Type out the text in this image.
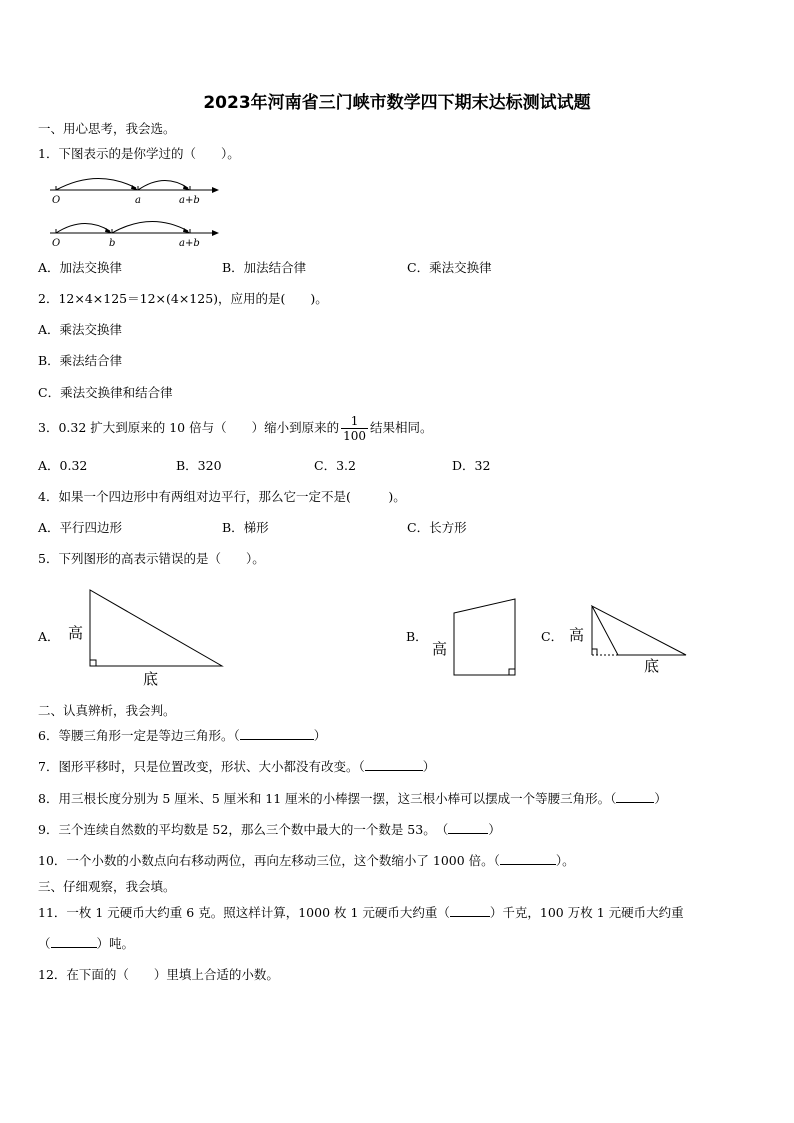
2023年河南省三门峡市数学四下期末达标测试试题
一、用心思考，我会选。
1．下图表示的是你学过的（　　）。
O	a	a+b
O	b	a+b
A．加法交换律	B．加法结合律	C．乘法交换律
2．12×4×125＝12×(4×125)，应用的是(　　)。
A．乘法交换律
B．乘法结合律
C．乘法交换律和结合律
3．0.32 扩大到原来的 10 倍与（　　）缩小到原来的 $\frac{1}{100}$ 结果相同。
A．0.32	B．320	C．3.2	D．32
4．如果一个四边形中有两组对边平行，那么它一定不是(　　　)。
A．平行四边形	B．梯形	C．长方形
5．下列图形的高表示错误的是（　　）。
A．	B．	C．
高
底
高
高
底
二、认真辨析，我会判。
6．等腰三角形一定是等边三角形。（	）
7．图形平移时，只是位置改变，形状、大小都没有改变。（	）
8．用三根长度分别为 5 厘米、5 厘米和 11 厘米的小棒摆一摆，这三根小棒可以摆成一个等腰三角形。（	）
9．三个连续自然数的平均数是 52，那么三个数中最大的一个数是 53。　（	）
10．一个小数的小数点向右移动两位，再向左移动三位，这个数缩小了 1000 倍。（	）。
三、仔细观察，我会填。
11．一枚 1 元硬币大约重 6 克。照这样计算，1000 枚 1 元硬币大约重（	）千克，100 万枚 1 元硬币大约重
（	）吨。
12．在下面的（　　）里填上合适的小数。
